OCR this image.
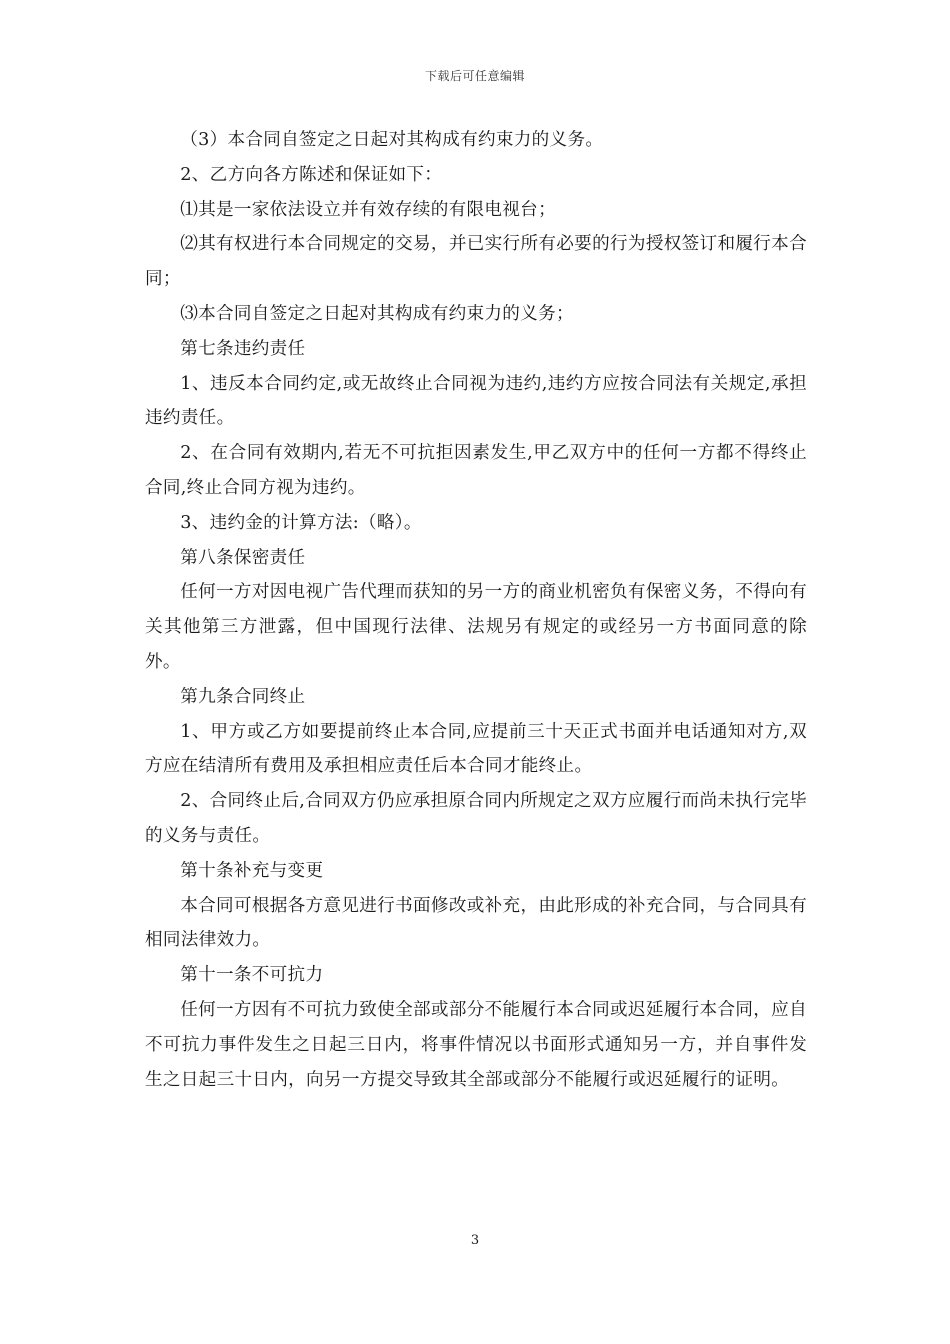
下载后可任意编辑

（3）本合同自签定之日起对其构成有约束力的义务。

2、乙方向各方陈述和保证如下：

⑴其是一家依法设立并有效存续的有限电视台；

⑵其有权进行本合同规定的交易，并已实行所有必要的行为授权签订和履行本合同；

⑶本合同自签定之日起对其构成有约束力的义务；

第七条违约责任

1、违反本合同约定,或无故终止合同视为违约,违约方应按合同法有关规定,承担违约责任。

2、在合同有效期内,若无不可抗拒因素发生,甲乙双方中的任何一方都不得终止合同,终止合同方视为违约。

3、违约金的计算方法:（略）。

第八条保密责任

任何一方对因电视广告代理而获知的另一方的商业机密负有保密义务，不得向有关其他第三方泄露，但中国现行法律、法规另有规定的或经另一方书面同意的除外。

第九条合同终止

1、甲方或乙方如要提前终止本合同,应提前三十天正式书面并电话通知对方,双方应在结清所有费用及承担相应责任后本合同才能终止。

2、合同终止后,合同双方仍应承担原合同内所规定之双方应履行而尚未执行完毕的义务与责任。

第十条补充与变更

本合同可根据各方意见进行书面修改或补充，由此形成的补充合同，与合同具有相同法律效力。

第十一条不可抗力

任何一方因有不可抗力致使全部或部分不能履行本合同或迟延履行本合同，应自不可抗力事件发生之日起三日内，将事件情况以书面形式通知另一方，并自事件发生之日起三十日内，向另一方提交导致其全部或部分不能履行或迟延履行的证明。

3
